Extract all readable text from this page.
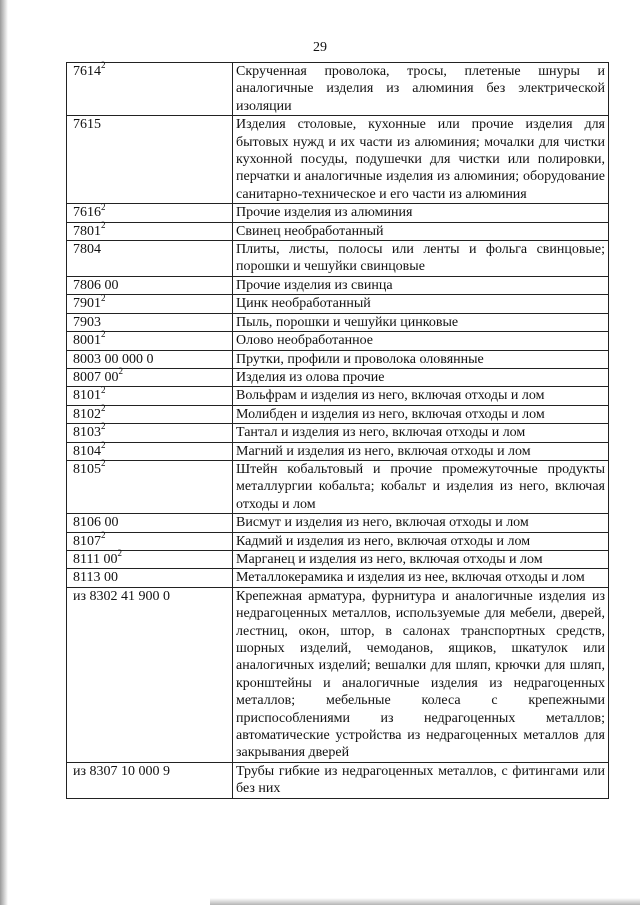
29
7614$^2$	Скрученная проволока, тросы, плетеные шнуры и аналогичные изделия из алюминия без электрической изоляции
7615	Изделия столовые, кухонные или прочие изделия для бытовых нужд и их части из алюминия; мочалки для чистки кухонной посуды, подушечки для чистки или полировки, перчатки и аналогичные изделия из алюминия; оборудование санитарно-техническое и его части из алюминия
7616$^2$	Прочие изделия из алюминия
7801$^2$	Свинец необработанный
7804	Плиты, листы, полосы или ленты и фольга свинцовые; порошки и чешуйки свинцовые
7806 00	Прочие изделия из свинца
7901$^2$	Цинк необработанный
7903	Пыль, порошки и чешуйки цинковые
8001$^2$	Олово необработанное
8003 00 000 0	Прутки, профили и проволока оловянные
8007 $00^2$	Изделия из олова прочие
8101$^2$	Вольфрам и изделия из него, включая отходы и лом
8102$^2$	Молибден и изделия из него, включая отходы и лом
8103$^2$	Тантал и изделия из него, включая отходы и лом
8104$^2$	Магний и изделия из него, включая отходы и лом
8105$^2$	Штейн кобальтовый и прочие промежуточные продукты металлургии кобальта; кобальт и изделия из него, включая отходы и лом
8106 00	Висмут и изделия из него, включая отходы и лом
8107$^2$	Кадмий и изделия из него, включая отходы и лом
8111 $00^2$	Марганец и изделия из него, включая отходы и лом
8113 00	Металлокерамика и изделия из нее, включая отходы и лом
из 8302 41 900 0	Крепежная арматура, фурнитура и аналогичные изделия из недрагоценных металлов, используемые для мебели, дверей, лестниц, окон, штор, в салонах транспортных средств, шорных изделий, чемоданов, ящиков, шкатулок или аналогичных изделий; вешалки для шляп, крючки для шляп, кронштейны и аналогичные изделия из недрагоценных металлов; мебельные колеса с крепежными приспособлениями из недрагоценных металлов; автоматические устройства из недрагоценных металлов для закрывания дверей
из 8307 10 000 9	Трубы гибкие из недрагоценных металлов, с фитингами или без них
